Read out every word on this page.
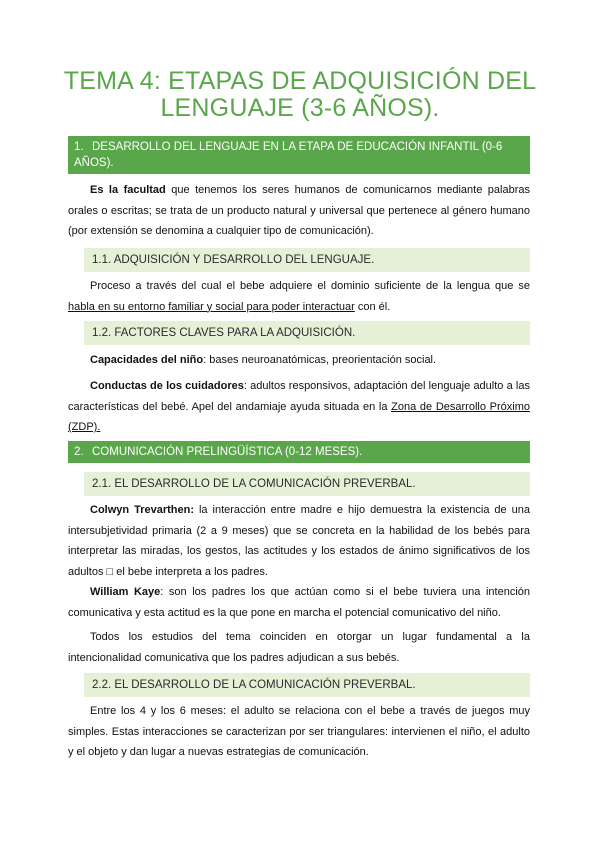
TEMA 4: ETAPAS DE ADQUISICIÓN DEL
LENGUAJE (3-6 AÑOS).
1. DESARROLLO DEL LENGUAJE EN LA ETAPA DE EDUCACIÓN INFANTIL (0-6 AÑOS).

Es la facultad que tenemos los seres humanos de comunicarnos mediante palabras orales o escritas; se trata de un producto natural y universal que pertenece al género humano (por extensión se denomina a cualquier tipo de comunicación).

1.1. ADQUISICIÓN Y DESARROLLO DEL LENGUAJE.

Proceso a través del cual el bebe adquiere el dominio suficiente de la lengua que se habla en su entorno familiar y social para poder interactuar con él.

1.2. FACTORES CLAVES PARA LA ADQUISICIÓN.

Capacidades del niño: bases neuroanatómicas, preorientación social.

Conductas de los cuidadores: adultos responsivos, adaptación del lenguaje adulto a las características del bebé. Apel del andamiaje ayuda situada en la Zona de Desarrollo Próximo (ZDP).

2. COMUNICACIÓN PRELINGÜÍSTICA (0-12 MESES).
2.1. EL DESARROLLO DE LA COMUNICACIÓN PREVERBAL.

Colwyn Trevarthen: la interacción entre madre e hijo demuestra la existencia de una intersubjetividad primaria (2 a 9 meses) que se concreta en la habilidad de los bebés para interpretar las miradas, los gestos, las actitudes y los estados de ánimo significativos de los adultos □ el bebe interpreta a los padres.

William Kaye: son los padres los que actúan como si el bebe tuviera una intención comunicativa y esta actitud es la que pone en marcha el potencial comunicativo del niño.

Todos los estudios del tema coinciden en otorgar un lugar fundamental a la intencionalidad comunicativa que los padres adjudican a sus bebés.

2.2. EL DESARROLLO DE LA COMUNICACIÓN PREVERBAL.

Entre los 4 y los 6 meses: el adulto se relaciona con el bebe a través de juegos muy simples. Estas interacciones se caracterizan por ser triangulares: intervienen el niño, el adulto y el objeto y dan lugar a nuevas estrategias de comunicación.
